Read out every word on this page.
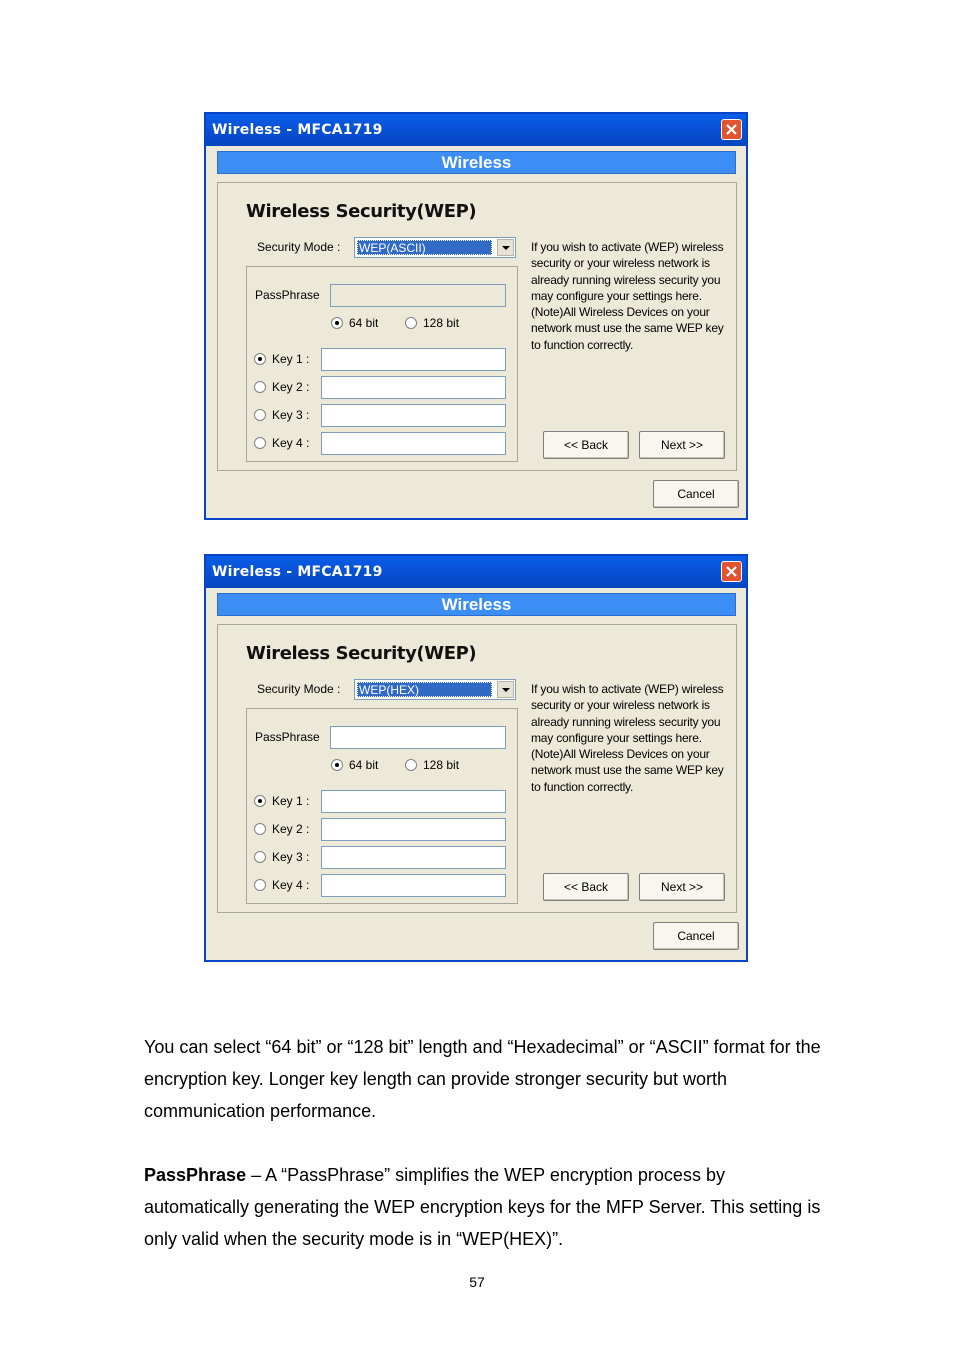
Wireless - MFCA1719
Wireless
Wireless Security(WEP)
Security Mode : WEP(ASCII)
PassPhrase
64 bit	128 bit
Key 1 :
Key 2 :
Key 3 :
Key 4 :
If you wish to activate (WEP) wireless security or your wireless network is already running wireless security you may configure your settings here. (Note)All Wireless Devices on your network must use the same WEP key to function correctly.
<< Back	Next >>
Cancel
Wireless - MFCA1719
Wireless
Wireless Security(WEP)
Security Mode : WEP(HEX)
PassPhrase
64 bit	128 bit
Key 1 :
Key 2 :
Key 3 :
Key 4 :
If you wish to activate (WEP) wireless security or your wireless network is already running wireless security you may configure your settings here. (Note)All Wireless Devices on your network must use the same WEP key to function correctly.
<< Back	Next >>
Cancel
You can select “64 bit” or “128 bit” length and “Hexadecimal” or “ASCII” format for the encryption key. Longer key length can provide stronger security but worth communication performance.
PassPhrase – A “PassPhrase” simplifies the WEP encryption process by automatically generating the WEP encryption keys for the MFP Server. This setting is only valid when the security mode is in “WEP(HEX)”.
57
